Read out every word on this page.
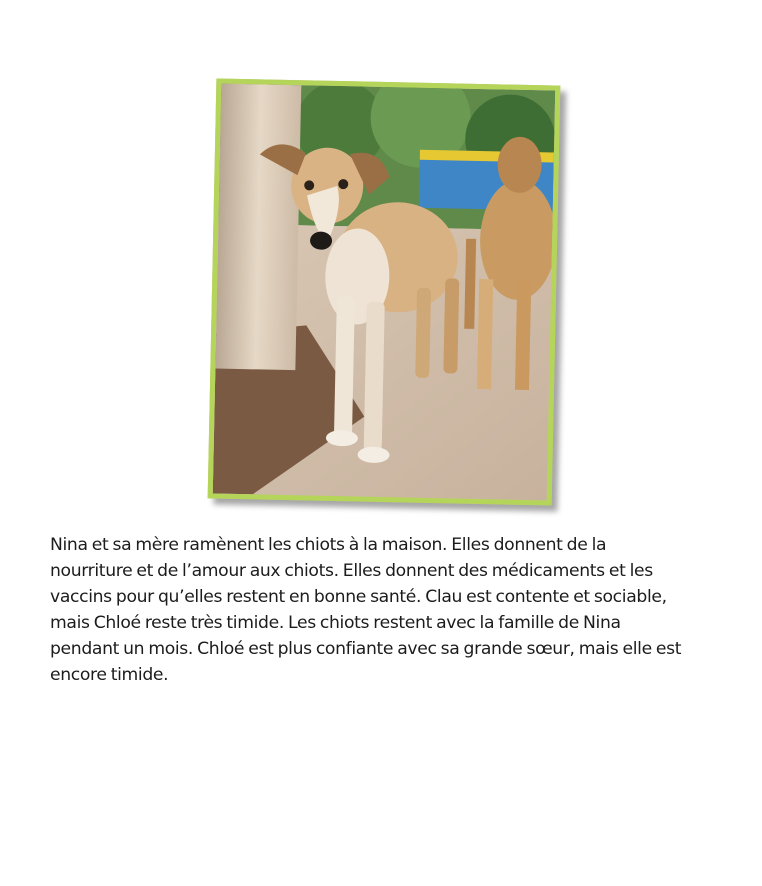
Nina et sa mère ramènent les chiots à la maison. Elles donnent de la nourriture et de l’amour aux chiots. Elles donnent des médicaments et les vaccins pour qu’elles restent en bonne santé. Clau est contente et sociable, mais Chloé reste très timide. Les chiots restent avec la famille de Nina pendant un mois. Chloé est plus confiante avec sa grande sœur, mais elle est encore timide.
